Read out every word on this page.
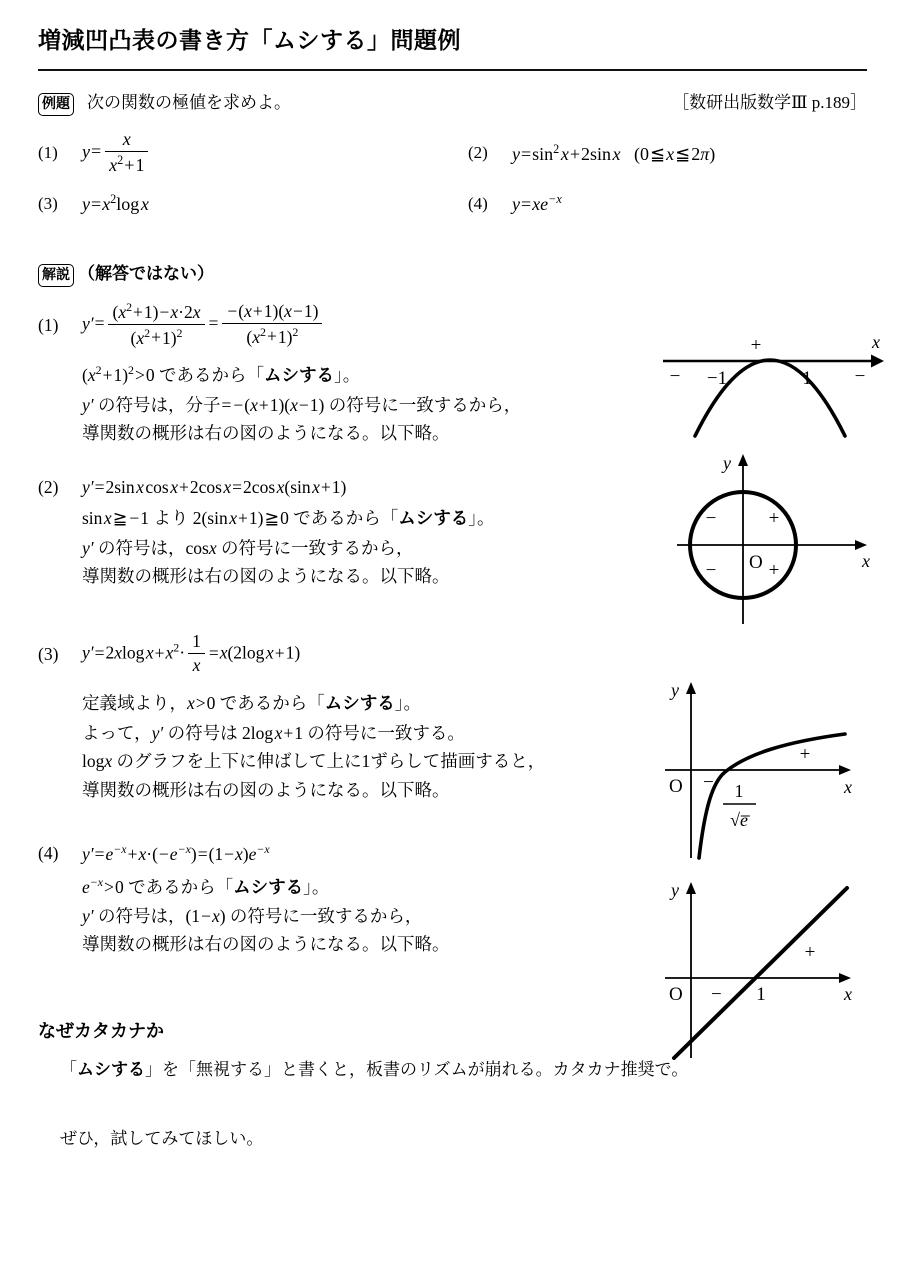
増減凹凸表の書き方「ムシする」問題例
例題 次の関数の極値を求めよ。	［数研出版数学Ⅲ p.189］
(1)	$y= \frac{x}{x^2+1}$	(2)	$y=\sin^2$ x+2sin x (0≦x≦2π)
(3)	$y=x^2\log$ x	(4)	$y=xe^{-x}$
解説 （解答ではない）
(1)	$y'= \frac{(x^2+1)-x\cdot 2x}{(x^2+1)^2} = \frac{-(x+1)(x-1)}{(x^2+1)^2}$
$(x^2+1)^2>0$ であるから「ムシする」。
y′ の符号は，分子= −(x+1)(x−1) の符号に一致するから，
導関数の概形は右の図のようになる。以下略。
(2)	y′=2sin x cos x+2cos x=2cos x(sin x+1)
sin x≧ −1 より 2(sin x+1)≧0 であるから「ムシする」。
y′ の符号は，cosx の符号に一致するから，
導関数の概形は右の図のようになる。以下略。
(3)	y′=2xlog $x+x^2\cdot \frac{1}{x} =x(2\log$ x+1)
定義域より，x>0 であるから「ムシする」。
よって，y′ の符号は 2log x+1 の符号に一致する。
logx のグラフを上下に伸ばして上に1ずらして描画すると，
導関数の概形は右の図のようになる。以下略。
(4)	$y'=e^{-x}+x\cdot(-e^{-x})=(1-x)e^{-x}$
$e^{-x}>0$ であるから「ムシする」。
y′ の符号は，(1−x) の符号に一致するから，
導関数の概形は右の図のようになる。以下略。
なぜカタカナか
「ムシする」を「無視する」と書くと，板書のリズムが崩れる。カタカナ推奨で。
ぜひ，試してみてほしい。
x
+
−	−
−1	1
y
x
O
−	+
−	+
y
x
O −
+
1
√e̅
y
x
O −
+
1
